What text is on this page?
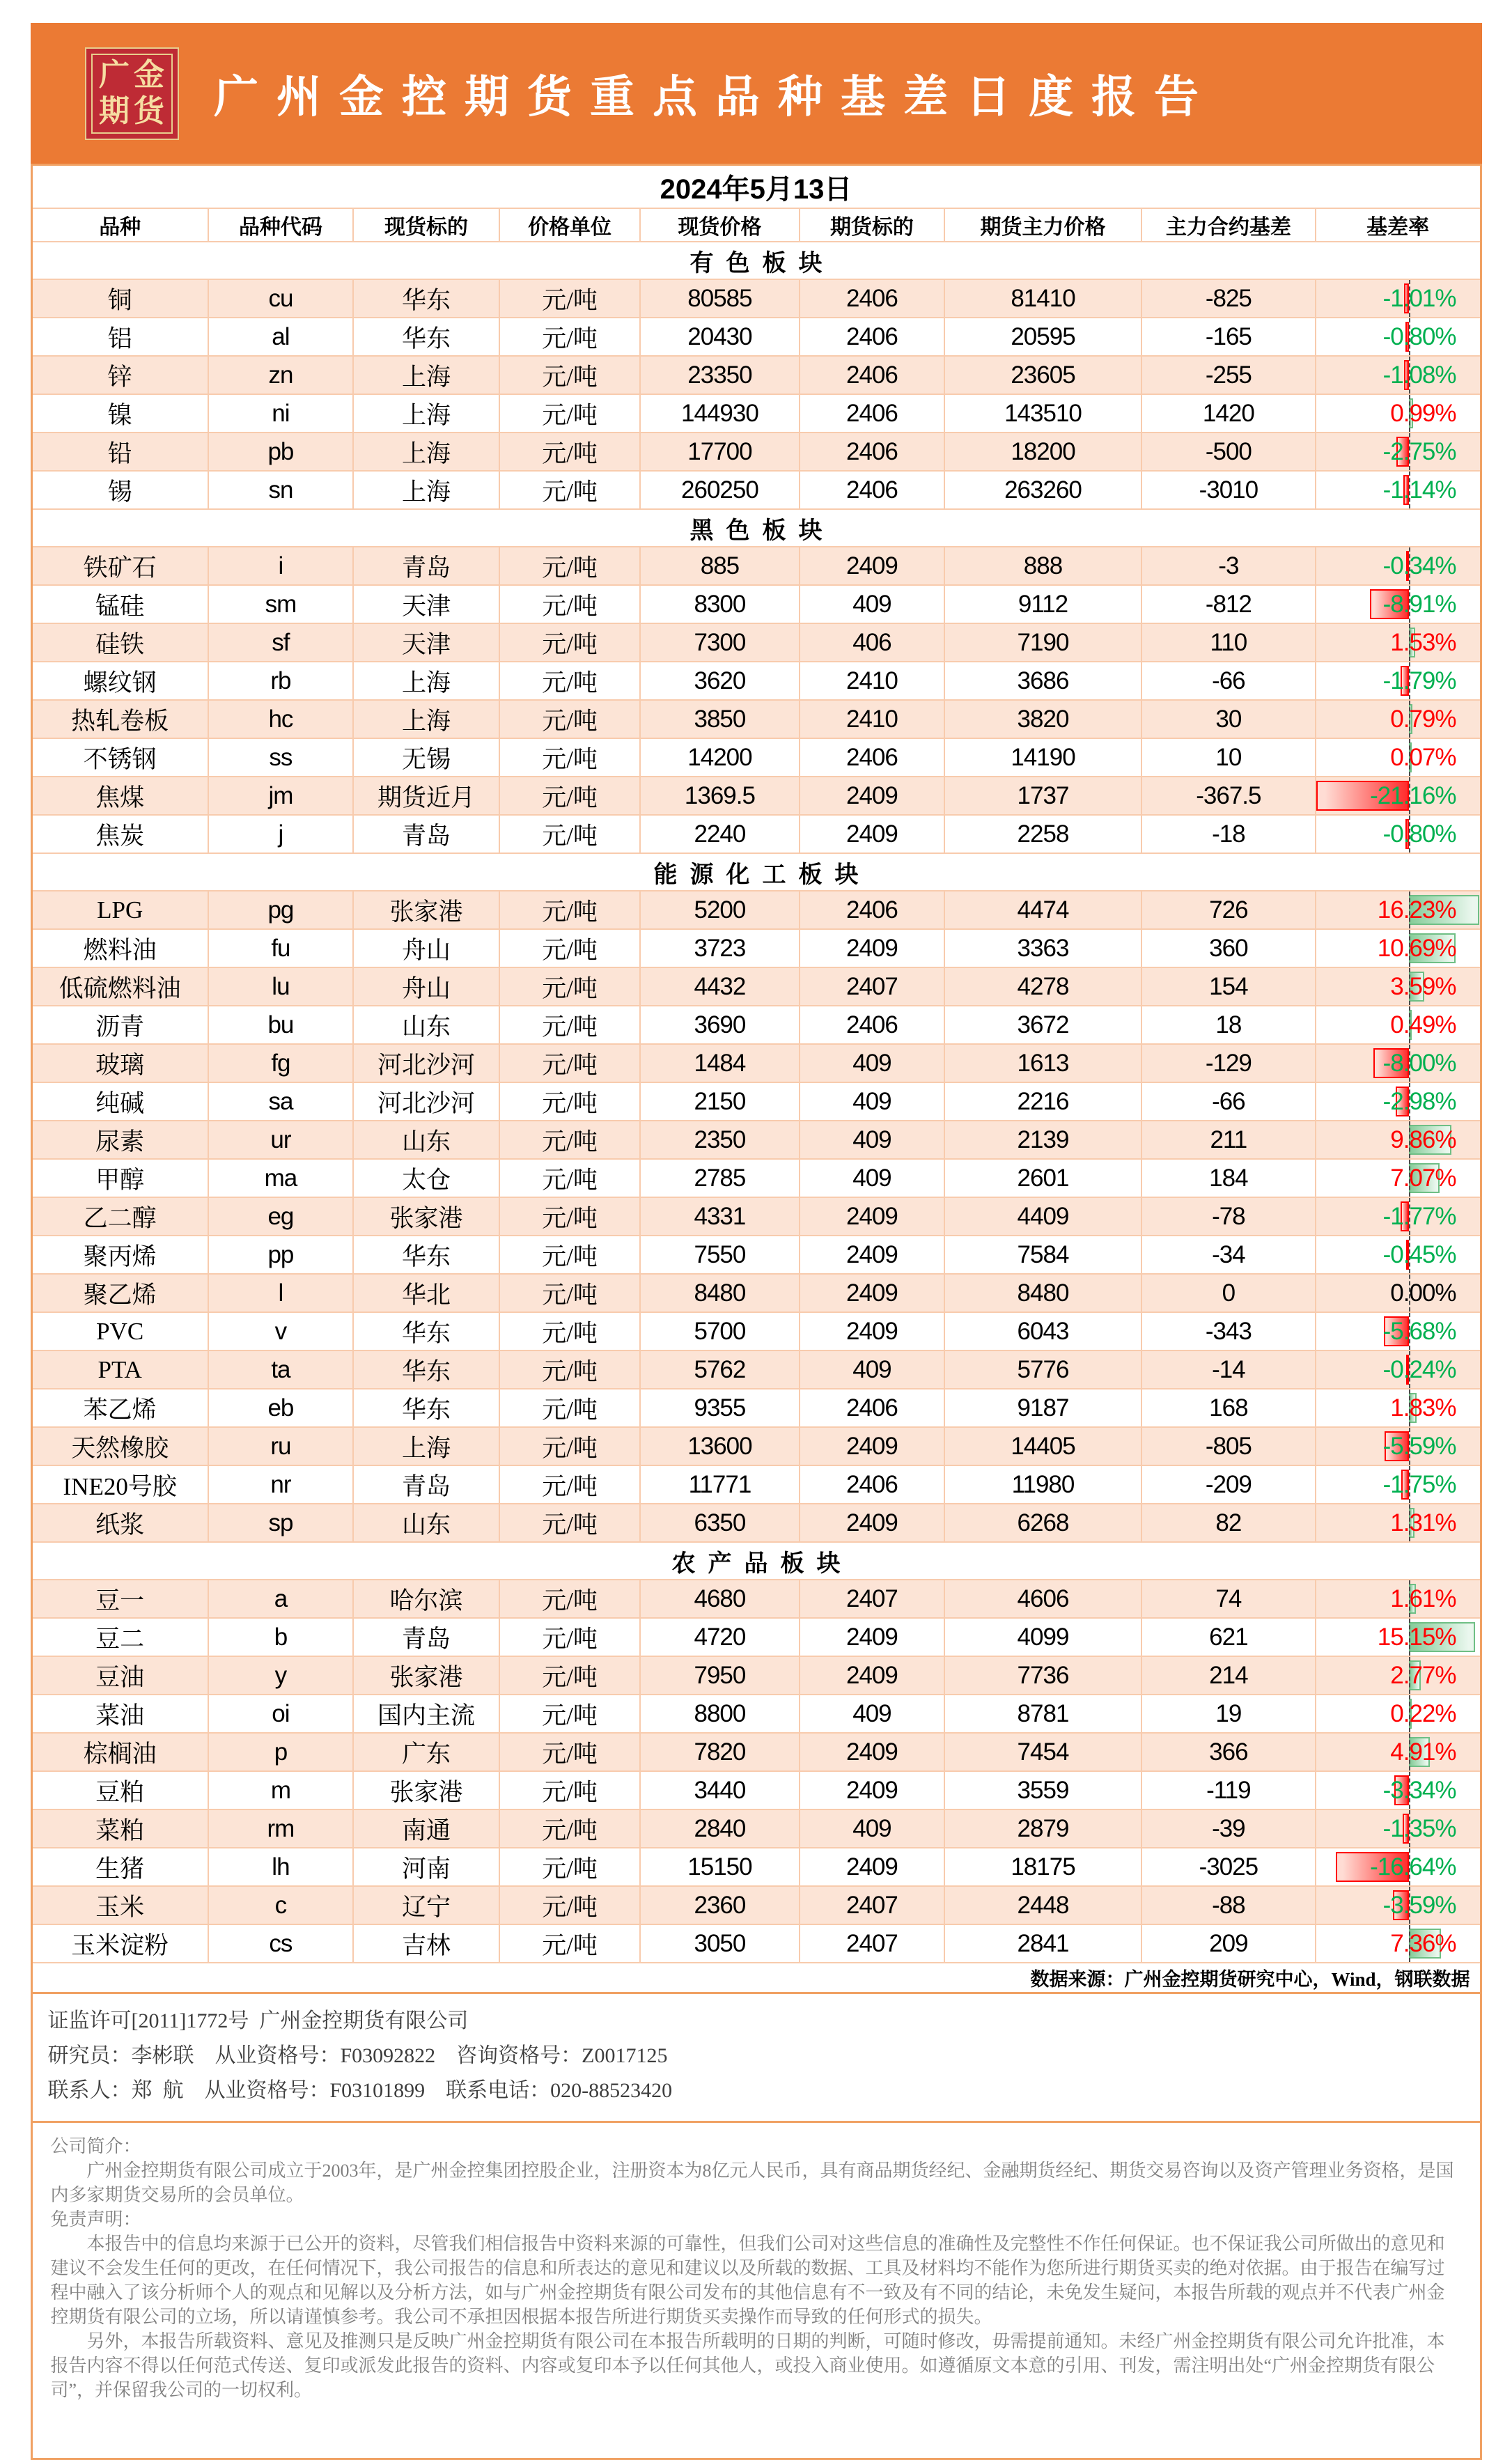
广金
期货	广州金控期货重点品种基差日度报告
2024年5月13日								
品种	品种代码	现货标的	价格单位	现货价格	期货标的	期货主力价格	主力合约基差	基差率
有色板块								
铜	cu	华东	元/吨	80585	2406	81410	-825	-1.01%

铝	al	华东	元/吨	20430	2406	20595	-165	-0.80%

锌	zn	上海	元/吨	23350	2406	23605	-255	-1.08%

镍	ni	上海	元/吨	144930	2406	143510	1420	0.99%

铅	pb	上海	元/吨	17700	2406	18200	-500	-2.75%

锡	sn	上海	元/吨	260250	2406	263260	-3010	-1.14%

黑色板块								
铁矿石	i	青岛	元/吨	885	2409	888	-3	-0.34%

锰硅	sm	天津	元/吨	8300	409	9112	-812	-8.91%

硅铁	sf	天津	元/吨	7300	406	7190	110	1.53%

螺纹钢	rb	上海	元/吨	3620	2410	3686	-66	-1.79%

热轧卷板	hc	上海	元/吨	3850	2410	3820	30	0.79%

不锈钢	ss	无锡	元/吨	14200	2406	14190	10	0.07%

焦煤	jm	期货近月	元/吨	1369.5	2409	1737	-367.5	-21.16%

焦炭	j	青岛	元/吨	2240	2409	2258	-18	-0.80%

能源化工板块								
LPG	pg	张家港	元/吨	5200	2406	4474	726	16.23%

燃料油	fu	舟山	元/吨	3723	2409	3363	360	10.69%

低硫燃料油	lu	舟山	元/吨	4432	2407	4278	154	3.59%

沥青	bu	山东	元/吨	3690	2406	3672	18	0.49%

玻璃	fg	河北沙河	元/吨	1484	409	1613	-129	-8.00%

纯碱	sa	河北沙河	元/吨	2150	409	2216	-66	-2.98%

尿素	ur	山东	元/吨	2350	409	2139	211	9.86%

甲醇	ma	太仓	元/吨	2785	409	2601	184	7.07%

乙二醇	eg	张家港	元/吨	4331	2409	4409	-78	-1.77%

聚丙烯	pp	华东	元/吨	7550	2409	7584	-34	-0.45%

聚乙烯	l	华北	元/吨	8480	2409	8480	0	0.00%

PVC	v	华东	元/吨	5700	2409	6043	-343	-5.68%

PTA	ta	华东	元/吨	5762	409	5776	-14	-0.24%

苯乙烯	eb	华东	元/吨	9355	2406	9187	168	1.83%

天然橡胶	ru	上海	元/吨	13600	2409	14405	-805	-5.59%

INE20号胶	nr	青岛	元/吨	11771	2406	11980	-209	-1.75%

纸浆	sp	山东	元/吨	6350	2409	6268	82	1.31%

农产品板块								
豆一	a	哈尔滨	元/吨	4680	2407	4606	74	1.61%

豆二	b	青岛	元/吨	4720	2409	4099	621	15.15%

豆油	y	张家港	元/吨	7950	2409	7736	214	2.77%

菜油	oi	国内主流	元/吨	8800	409	8781	19	0.22%

棕榈油	p	广东	元/吨	7820	2409	7454	366	4.91%

豆粕	m	张家港	元/吨	3440	2409	3559	-119	-3.34%

菜粕	rm	南通	元/吨	2840	409	2879	-39	-1.35%

生猪	lh	河南	元/吨	15150	2409	18175	-3025	-16.64%

玉米	c	辽宁	元/吨	2360	2407	2448	-88	-3.59%

玉米淀粉	cs	吉林	元/吨	3050	2407	2841	209	7.36%

数据来源：广州金控期货研究中心，Wind，钢联数据								
证监许可[2011]1772号  广州金控期货有限公司
研究员：李彬联    从业资格号：F03092822    咨询资格号：Z0017125
联系人：郑  航    从业资格号：F03101899    联系电话：020-88523420

公司简介：

广州金控期货有限公司成立于2003年，是广州金控集团控股企业，注册资本为8亿元人民币，具有商品期货经纪、金融期货经纪、期货交易咨询以及资产管理业务资格，是国内多家期货交易所的会员单位。

免责声明：

本报告中的信息均来源于已公开的资料，尽管我们相信报告中资料来源的可靠性，但我们公司对这些信息的准确性及完整性不作任何保证。也不保证我公司所做出的意见和建议不会发生任何的更改，在任何情况下，我公司报告的信息和所表达的意见和建议以及所载的数据、工具及材料均不能作为您所进行期货买卖的绝对依据。由于报告在编写过程中融入了该分析师个人的观点和见解以及分析方法，如与广州金控期货有限公司发布的其他信息有不一致及有不同的结论，未免发生疑问，本报告所载的观点并不代表广州金控期货有限公司的立场，所以请谨慎参考。我公司不承担因根据本报告所进行期货买卖操作而导致的任何形式的损失。

另外，本报告所载资料、意见及推测只是反映广州金控期货有限公司在本报告所载明的日期的判断，可随时修改，毋需提前通知。未经广州金控期货有限公司允许批准，本报告内容不得以任何范式传送、复印或派发此报告的资料、内容或复印本予以任何其他人，或投入商业使用。如遵循原文本意的引用、刊发，需注明出处“广州金控期货有限公司”，并保留我公司的一切权利。
